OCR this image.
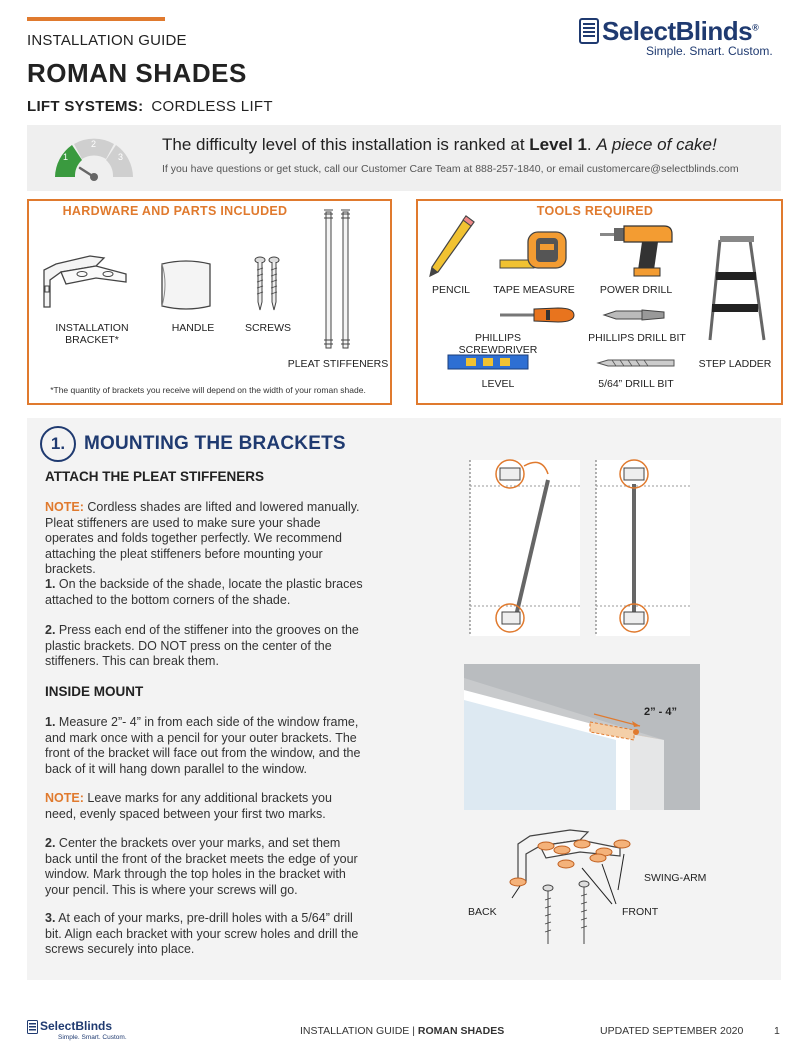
INSTALLATION GUIDE
ROMAN SHADES
LIFT SYSTEMS: CORDLESS LIFT
SelectBlinds®
Simple. Smart. Custom.
1
2
3
The difficulty level of this installation is ranked at Level 1. A piece of cake!
If you have questions or get stuck, call our Customer Care Team at 888-257-1840, or email customercare@selectblinds.com
HARDWARE AND PARTS INCLUDED
INSTALLATION BRACKET*
HANDLE	SCREWS
PLEAT STIFFENERS
*The quantity of brackets you receive will depend on the width of your roman shade.
TOOLS REQUIRED
PENCIL	TAPE MEASURE POWER DRILL
PHILLIPS SCREWDRIVER
PHILLIPS DRILL BIT
STEP LADDER
LEVEL	5/64” DRILL BIT
1. MOUNTING THE BRACKETS
ATTACH THE PLEAT STIFFENERS
NOTE: Cordless shades are lifted and lowered manually. Pleat stiffeners are used to make sure your shade operates and folds together perfectly. We recommend attaching the pleat stiffeners before mounting your brackets.
1. On the backside of the shade, locate the plastic braces attached to the bottom corners of the shade.
2. Press each end of the stiffener into the grooves on the plastic brackets. DO NOT press on the center of the stiffeners. This can break them.
INSIDE MOUNT
1. Measure 2”- 4” in from each side of the window frame, and mark once with a pencil for your outer brackets. The front of the bracket will face out from the window, and the back of it will hang down parallel to the window.
NOTE: Leave marks for any additional brackets you need, evenly spaced between your first two marks.
2. Center the brackets over your marks, and set them back until the front of the bracket meets the edge of your window. Mark through the top holes in the bracket with your pencil. This is where your screws will go.
3. At each of your marks, pre-drill holes with a 5/64” drill bit. Align each bracket with your screw holes and drill the screws securely into place.
2” - 4”
SWING-ARM
BACK	FRONT
SelectBlinds
Simple. Smart. Custom.
INSTALLATION GUIDE | ROMAN SHADES	UPDATED SEPTEMBER 2020	1
